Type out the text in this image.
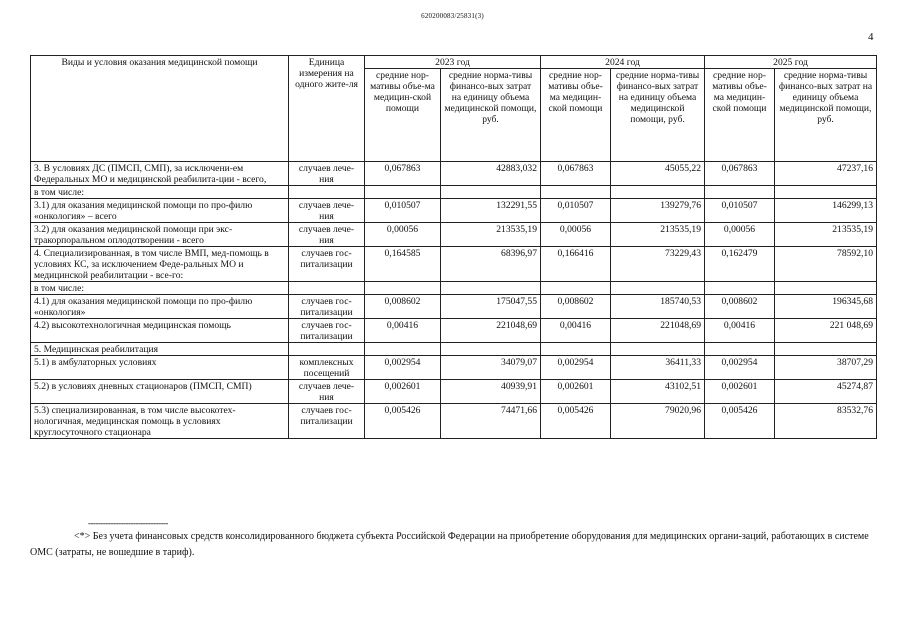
620200083/25831(3)
4
Виды и условия оказания медицинской помощи	Единица измерения на одного жите-ля	2023 год		2024 год		2025 год	
		средние нор-мативы объе-ма медицин-ской помощи	средние норма-тивы финансо-вых затрат на единицу объема медицинской помощи, руб.	средние нор-мативы объе-ма медицин-ской помощи	средние норма-тивы финансо-вых затрат на единицу объема медицинской помощи, руб.	средние нор-мативы объе-ма медицин-ской помощи	средние норма-тивы финансо-вых затрат на единицу объема медицинской помощи, руб.
3. В условиях ДС (ПМСП, СМП), за исключени-ем Федеральных МО и медицинской реабилита-ции - всего,	случаев лече-ния	0,067863	42883,032	0,067863	45055,22	0,067863	47237,16
в том числе:							
3.1) для оказания медицинской помощи по про-филю «онкология» – всего	случаев лече-ния	0,010507	132291,55	0,010507	139279,76	0,010507	146299,13
3.2) для оказания медицинской помощи при экс-тракорпоральном оплодотворении - всего	случаев лече-ния	0,00056	213535,19	0,00056	213535,19	0,00056	213535,19
4. Специализированная, в том числе ВМП, мед-помощь в условиях КС, за исключением Феде-ральных МО и медицинской реабилитации - все-го:	случаев гос-питализации	0,164585	68396,97	0,166416	73229,43	0,162479	78592,10
в том числе:							
4.1) для оказания медицинской помощи по про-филю «онкология»	случаев гос-питализации	0,008602	175047,55	0,008602	185740,53	0,008602	196345,68
4.2) высокотехнологичная медицинская помощь	случаев гос-питализации	0,00416	221048,69	0,00416	221048,69	0,00416	221 048,69
5. Медицинская реабилитация							
5.1) в амбулаторных условиях	комплексных посещений	0,002954	34079,07	0,002954	36411,33	0,002954	38707,29
5.2) в условиях дневных стационаров (ПМСП, СМП)	случаев лече-ния	0,002601	40939,91	0,002601	43102,51	0,002601	45274,87
5.3) специализированная, в том числе высокотех-нологичная, медицинская помощь в условиях круглосуточного стационара	случаев гос-питализации	0,005426	74471,66	0,005426	79020,96	0,005426	83532,76
--------------------------------
<*> Без учета финансовых средств консолидированного бюджета субъекта Российской Федерации на приобретение оборудования для медицинских органи-заций, работающих в системе ОМС (затраты, не вошедшие в тариф).
